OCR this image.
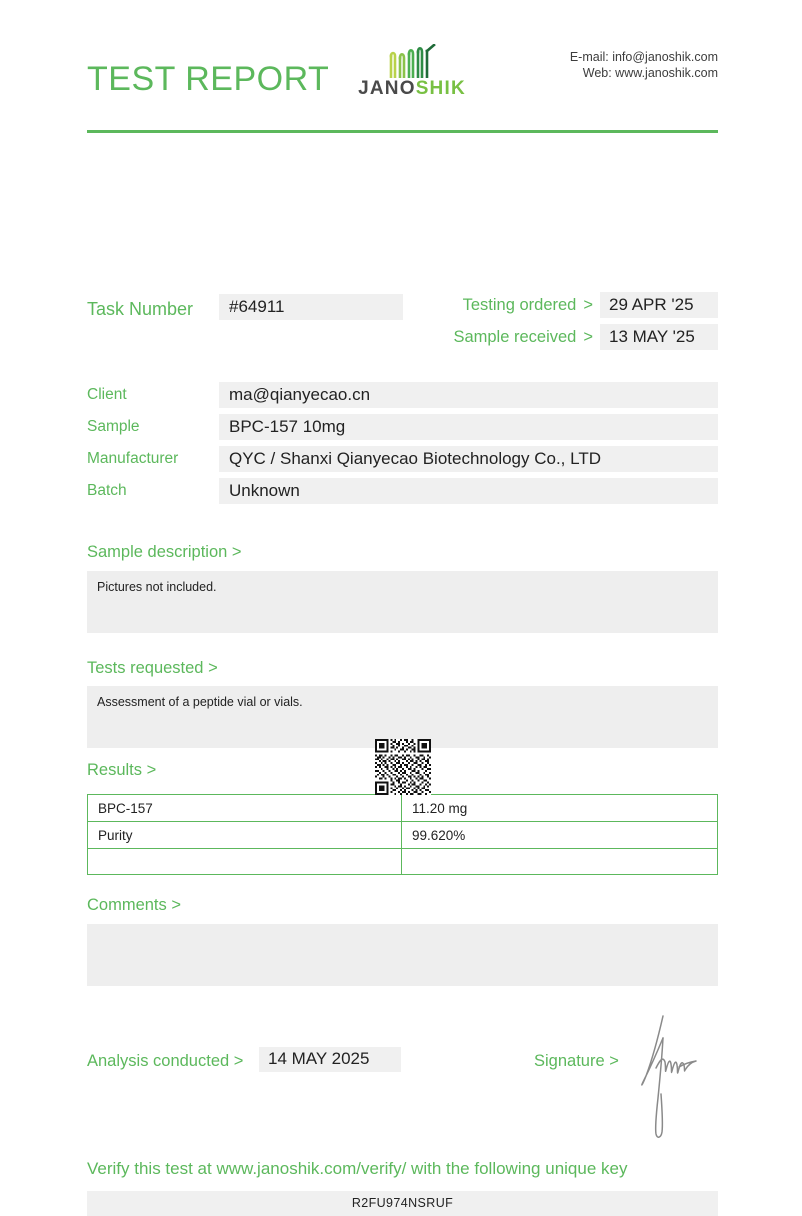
TEST REPORT	JANOSHIK
E-mail: info@janoshik.com
Web: www.janoshik.com
Task Number	#64911	Testing ordered > 29 APR '25
Sample received > 13 MAY '25
Client	ma@qianyecao.cn
Sample	BPC-157 10mg
Manufacturer	QYC / Shanxi Qianyecao Biotechnology Co., LTD
Batch	Unknown
Sample description >
Pictures not included.
Tests requested >
Assessment of a peptide vial or vials.
Results >
BPC-157	11.20 mg
Purity	99.620%

Comments >
Analysis conducted >	14 MAY 2025	Signature >
Verify this test at www.janoshik.com/verify/ with the following unique key
R2FU974NSRUF
